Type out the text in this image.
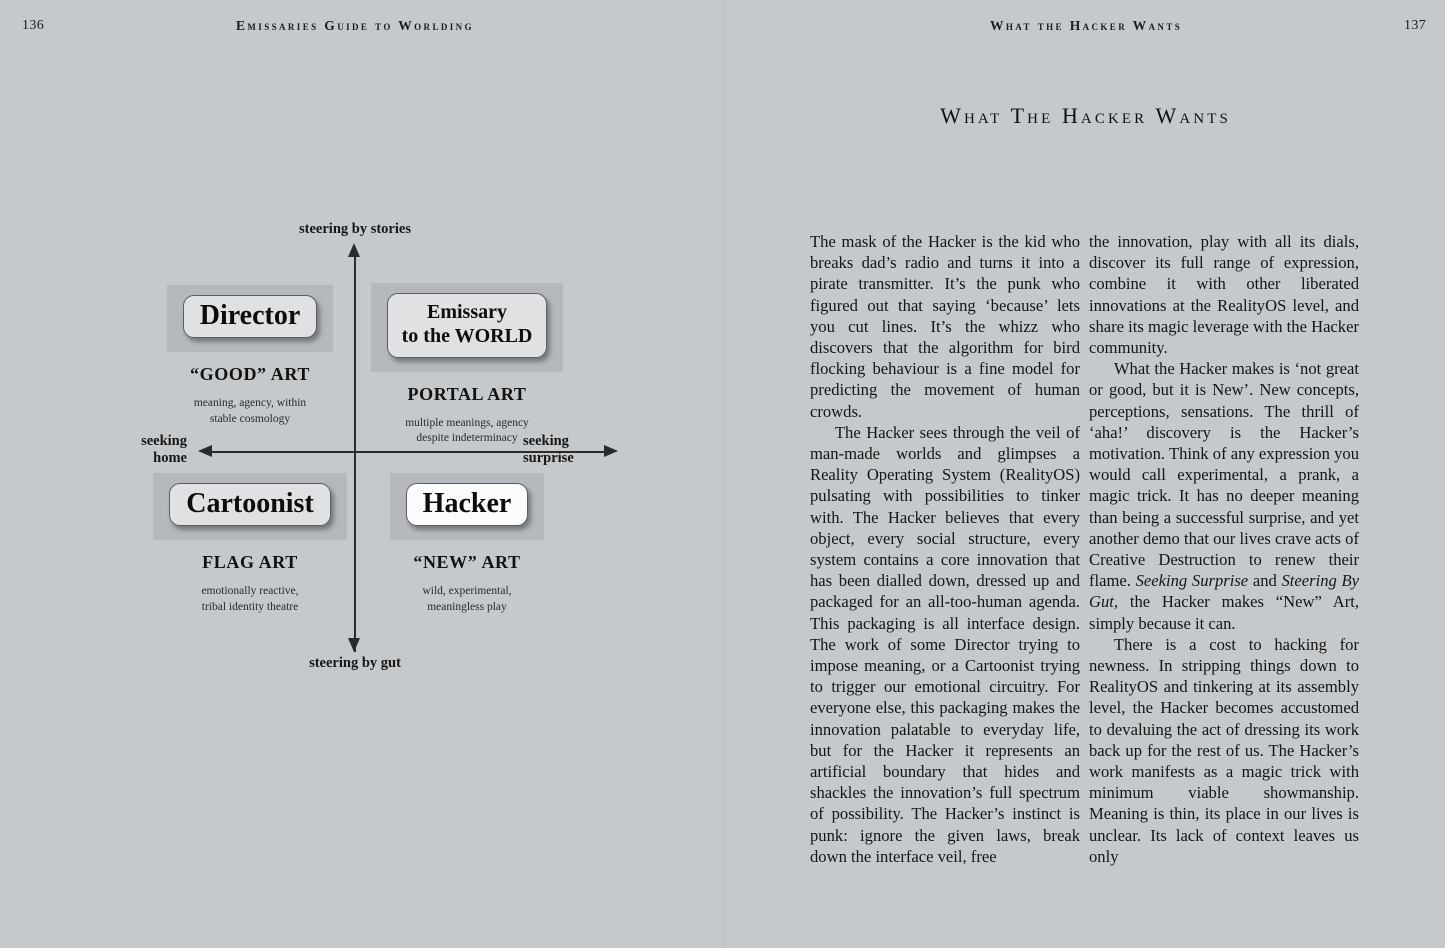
136	Emissaries Guide to Worlding	What the Hacker Wants	137
What The Hacker Wants
steering by stories
steering by gut
seeking
home
seeking
surprise
Director
“GOOD” ART
meaning, agency, within
stable cosmology
Emissary
to the WORLD
PORTAL ART
multiple meanings, agency
despite indeterminacy
Cartoonist
FLAG ART
emotionally reactive,
tribal identity theatre
Hacker
“NEW” ART
wild, experimental,
meaningless play

The mask of the Hacker is the kid who breaks dad’s radio and turns it into a pirate transmitter. It’s the punk who figured out that saying ‘because’ lets you cut lines. It’s the whizz who discovers that the algorithm for bird flocking behaviour is a fine model for predicting the movement of human crowds.

The Hacker sees through the veil of man-made worlds and glimpses a Reality Operating System (RealityOS) pulsating with possibilities to tinker with. The Hacker believes that every object, every social structure, every system contains a core innovation that has been dialled down, dressed up and packaged for an all-too-human agenda. This packaging is all interface design. The work of some Director trying to impose meaning, or a Cartoonist trying to trigger our emotional circuitry. For everyone else, this packaging makes the innovation palatable to everyday life, but for the Hacker it represents an artificial boundary that hides and shackles the innovation’s full spectrum of possibility. The Hacker’s instinct is punk: ignore the given laws, break down the interface veil, free

the innovation, play with all its dials, discover its full range of expression, combine it with other liberated innovations at the RealityOS level, and share its magic leverage with the Hacker community.

What the Hacker makes is ‘not great or good, but it is New’. New concepts, perceptions, sensations. The thrill of ‘aha!’ discovery is the Hacker’s motivation. Think of any expression you would call experimental, a prank, a magic trick. It has no deeper meaning than being a successful surprise, and yet another demo that our lives crave acts of Creative Destruction to renew their flame. Seeking Surprise and Steering By Gut, the Hacker makes “New” Art, simply because it can.

There is a cost to hacking for newness. In stripping things down to RealityOS and tinkering at its assembly level, the Hacker becomes accustomed to devaluing the act of dressing its work back up for the rest of us. The Hacker’s work manifests as a magic trick with minimum viable showmanship. Meaning is thin, its place in our lives is unclear. Its lack of context leaves us only
